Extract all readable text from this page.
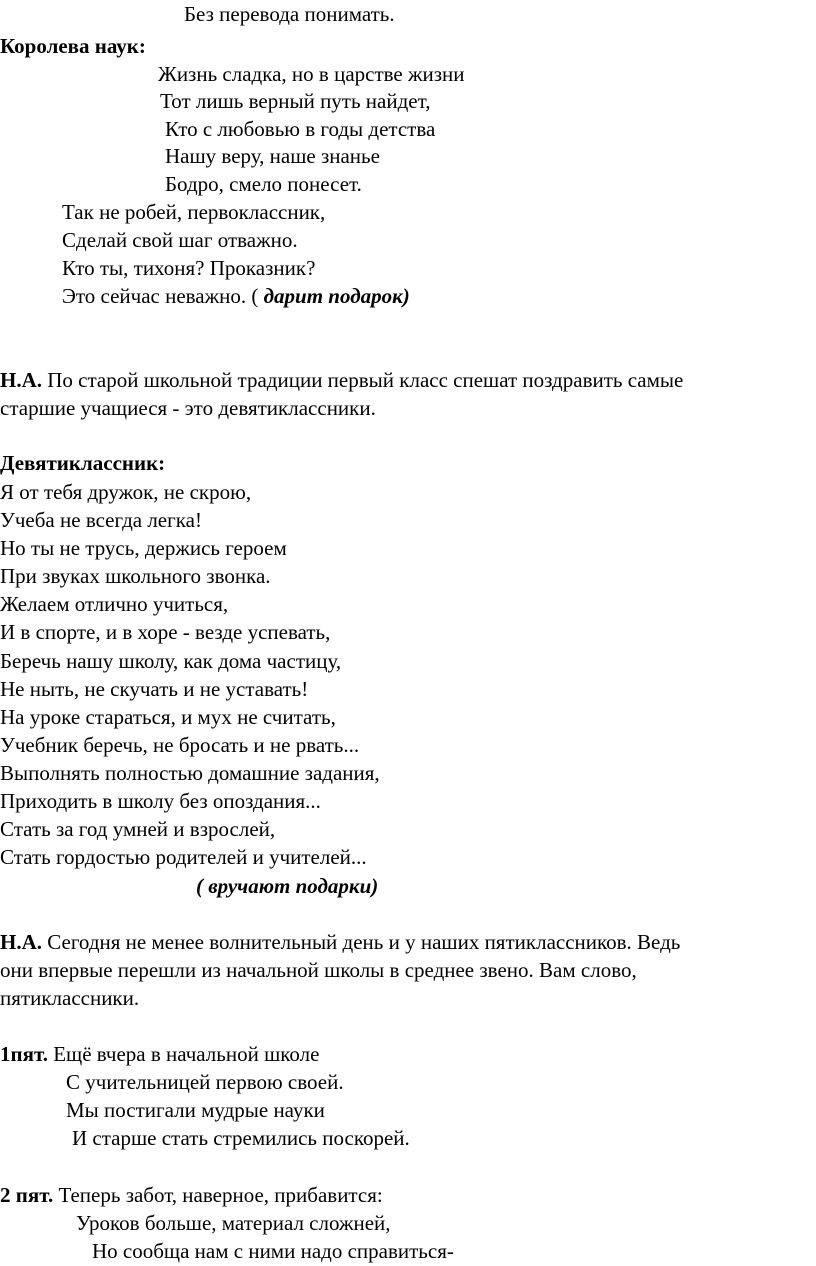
Без перевода понимать.
Королева наук:
Жизнь сладка, но в царстве жизни
Тот лишь верный путь найдет,
Кто с любовью в годы детства
Нашу веру, наше знанье
Бодро, смело понесет.
Так не робей, первоклассник,
Сделай свой шаг отважно.
Кто ты, тихоня? Проказник?
Это сейчас неважно. ( дарит подарок)
Н.А. По старой школьной традиции первый класс спешат поздравить самые
старшие учащиеся - это девятиклассники.
Девятиклассник:
Я от тебя дружок, не скрою,
Учеба не всегда легка!
Но ты не трусь, держись героем
При звуках школьного звонка.
Желаем отлично учиться,
И в спорте, и в хоре - везде успевать,
Беречь нашу школу, как дома частицу,
Не ныть, не скучать и не уставать!
На уроке стараться, и мух не считать,
Учебник беречь, не бросать и не рвать...
Выполнять полностью домашние задания,
Приходить в школу без опоздания...
Стать за год умней и взрослей,
Стать гордостью родителей и учителей...
( вручают подарки)
Н.А. Сегодня не менее волнительный день и у наших пятиклассников. Ведь
они впервые перешли из начальной школы в среднее звено. Вам слово,
пятиклассники.
1пят. Ещё вчера в начальной школе
С учительницей первою своей.
Мы постигали мудрые науки
И старше стать стремились поскорей.
2 пят. Теперь забот, наверное, прибавится:
Уроков больше, материал сложней,
Но сообща нам с ними надо справиться-
